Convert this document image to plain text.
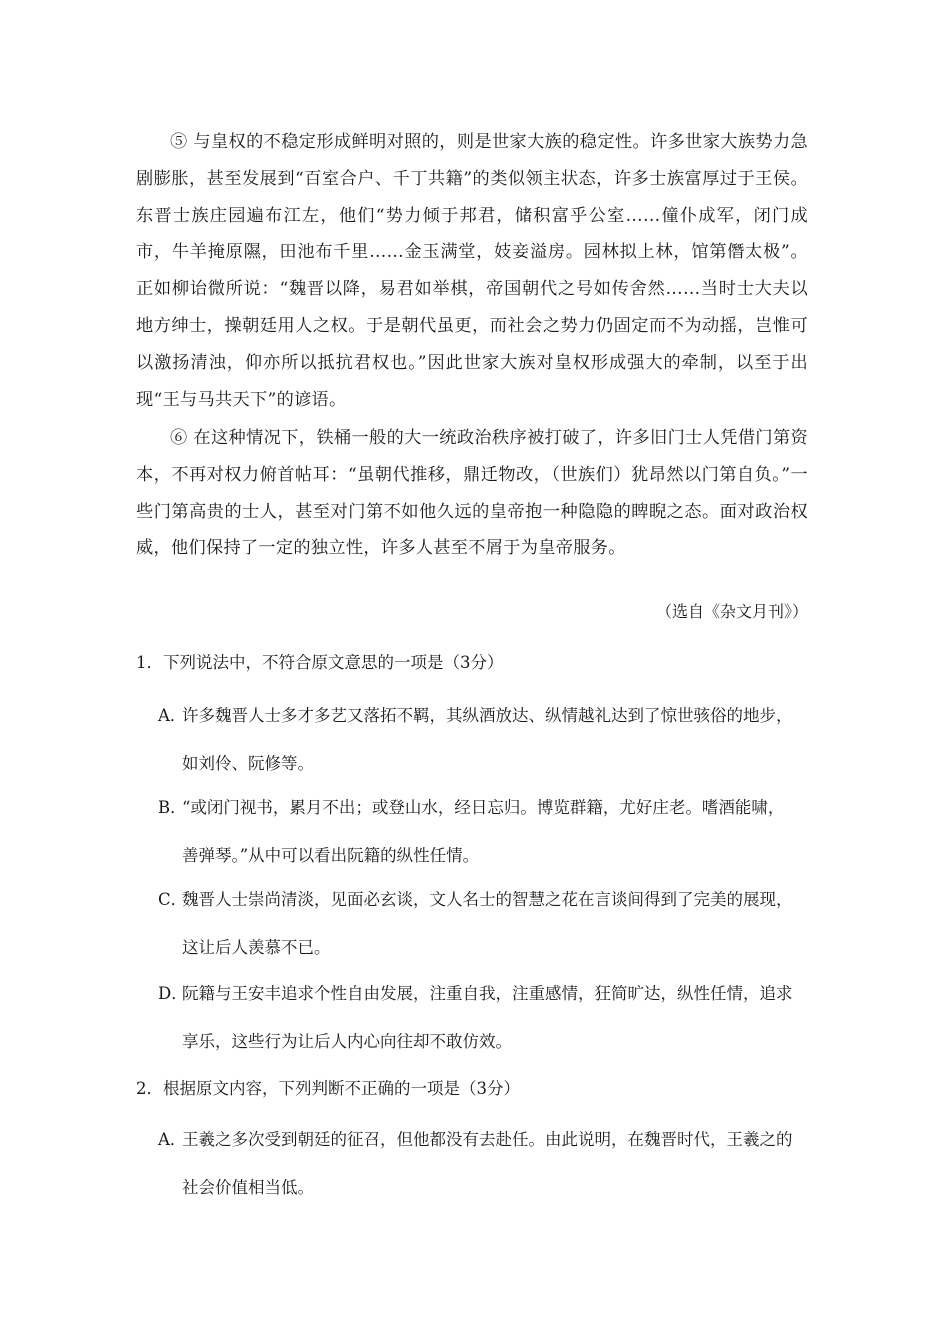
⑤ 与皇权的不稳定形成鲜明对照的，则是世家大族的稳定性。许多世家大族势力急剧膨胀，甚至发展到“百室合户、千丁共籍”的类似领主状态，许多士族富厚过于王侯。东晋士族庄园遍布江左，他们“势力倾于邦君，储积富乎公室……僮仆成军，闭门成市，牛羊掩原隰，田池布千里……金玉满堂，妓妾溢房。园林拟上林，馆第僭太极”。正如柳诒微所说：“魏晋以降，易君如举棋，帝国朝代之号如传舍然……当时士大夫以地方绅士，操朝廷用人之权。于是朝代虽更，而社会之势力仍固定而不为动摇，岂惟可以激扬清浊，仰亦所以抵抗君权也。”因此世家大族对皇权形成强大的牵制，以至于出现“王与马共天下”的谚语。
⑥ 在这种情况下，铁桶一般的大一统政治秩序被打破了，许多旧门士人凭借门第资本，不再对权力俯首帖耳：“虽朝代推移，鼎迁物改，（世族们）犹昂然以门第自负。”一些门第高贵的士人，甚至对门第不如他久远的皇帝抱一种隐隐的睥睨之态。面对政治权威，他们保持了一定的独立性，许多人甚至不屑于为皇帝服务。

（选自《杂文月刊》）

1．下列说法中，不符合原文意思的一项是（3分）

A．许多魏晋人士多才多艺又落拓不羁，其纵酒放达、纵情越礼达到了惊世骇俗的地步，
如刘伶、阮修等。
B．“或闭门视书，累月不出；或登山水，经日忘归。博览群籍，尤好庄老。嗜酒能啸，
善弹琴。”从中可以看出阮籍的纵性任情。
C．魏晋人士崇尚清淡，见面必玄谈，文人名士的智慧之花在言谈间得到了完美的展现，
这让后人羡慕不已。
D．阮籍与王安丰追求个性自由发展，注重自我，注重感情，狂简旷达，纵性任情，追求
享乐，这些行为让后人内心向往却不敢仿效。

2．根据原文内容，下列判断不正确的一项是（3分）

A．王羲之多次受到朝廷的征召，但他都没有去赴任。由此说明，在魏晋时代，王羲之的
社会价值相当低。
